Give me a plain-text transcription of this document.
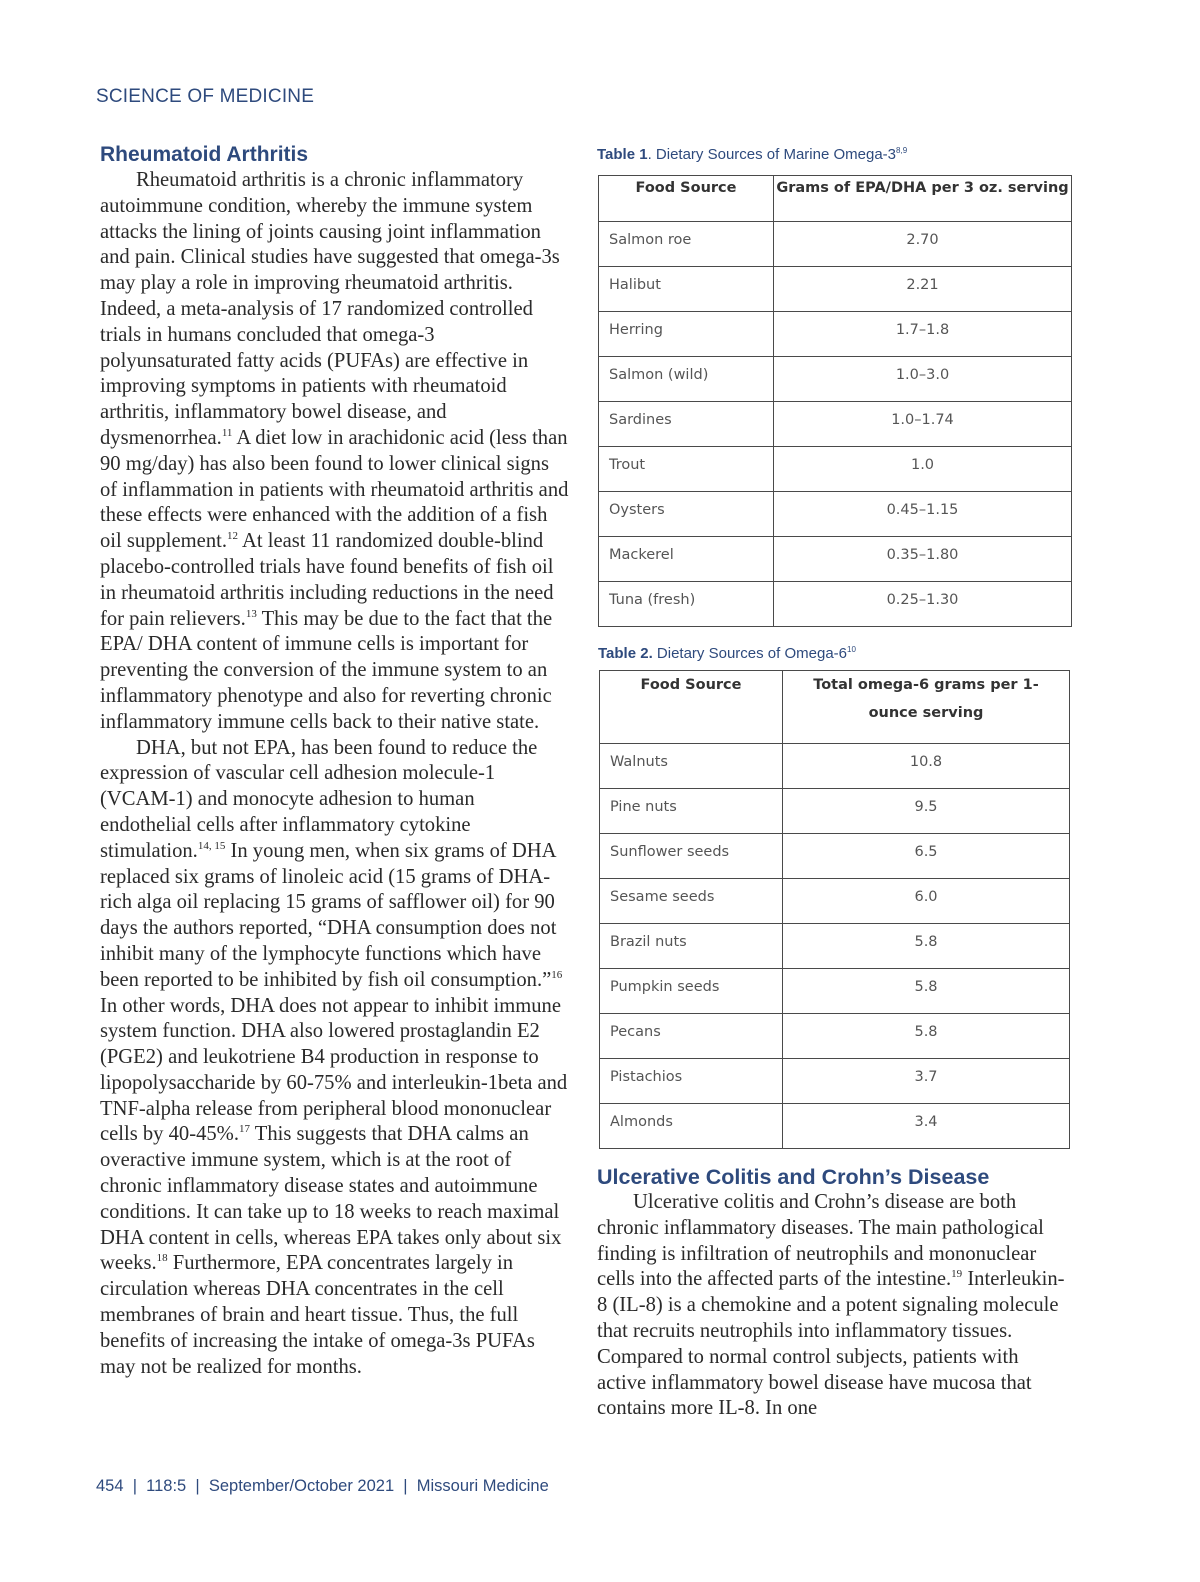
SCIENCE OF MEDICINE
Rheumatoid Arthritis

Rheumatoid arthritis is a chronic inflammatory autoimmune condition, whereby the immune system attacks the lining of joints causing joint inflammation and pain. Clinical studies have suggested that omega-3s may play a role in improving rheumatoid arthritis. Indeed, a meta-analysis of 17 randomized controlled trials in humans concluded that omega-3 polyunsaturated fatty acids (PUFAs) are effective in improving symptoms in patients with rheumatoid arthritis, inflammatory bowel disease, and dysmenorrhea.$^{11}$ A diet low in arachidonic acid (less than 90 mg/day) has also been found to lower clinical signs of inflammation in patients with rheumatoid arthritis and these effects were enhanced with the addition of a fish oil supplement.$^{12}$ At least 11 randomized double-blind placebo-controlled trials have found benefits of fish oil in rheumatoid arthritis including reductions in the need for pain relievers.$^{13}$ This may be due to the fact that the EPA/ DHA content of immune cells is important for preventing the conversion of the immune system to an inflammatory phenotype and also for reverting chronic inflammatory immune cells back to their native state.

DHA, but not EPA, has been found to reduce the expression of vascular cell adhesion molecule-1 (VCAM-1) and monocyte adhesion to human endothelial cells after inflammatory cytokine stimulation.$^{14, 15}$ In young men, when six grams of DHA replaced six grams of linoleic acid (15 grams of DHA-rich alga oil replacing 15 grams of safflower oil) for 90 days the authors reported, “DHA consumption does not inhibit many of the lymphocyte functions which have been reported to be inhibited by fish oil consumption.”$^{16}$ In other words, DHA does not appear to inhibit immune system function. DHA also lowered prostaglandin E2 (PGE2) and leukotriene B4 production in response to lipopolysaccharide by 60-75% and interleukin-1beta and TNF-alpha release from peripheral blood mononuclear cells by 40-45%.$^{17}$ This suggests that DHA calms an overactive immune system, which is at the root of chronic inflammatory disease states and autoimmune conditions. It can take up to 18 weeks to reach maximal DHA content in cells, whereas EPA takes only about six weeks.$^{18}$ Furthermore, EPA concentrates largely in circulation whereas DHA concentrates in the cell membranes of brain and heart tissue. Thus, the full benefits of increasing the intake of omega-3s PUFAs may not be realized for months.

Table 1. Dietary Sources of Marine Omega-3$^{8,9}$
Food Source	Grams of EPA/DHA per 3 oz. serving
Salmon roe	2.70
Halibut	2.21
Herring	1.7–1.8
Salmon (wild)	1.0–3.0
Sardines	1.0–1.74
Trout	1.0
Oysters	0.45–1.15
Mackerel	0.35–1.80
Tuna (fresh)	0.25–1.30
Table 2. Dietary Sources of Omega-$6^{10}$
Food Source	Total omega-6 grams per 1-ounce serving
Walnuts	10.8
Pine nuts	9.5
Sunflower seeds	6.5
Sesame seeds	6.0
Brazil nuts	5.8
Pumpkin seeds	5.8
Pecans	5.8
Pistachios	3.7
Almonds	3.4
Ulcerative Colitis and Crohn’s Disease

Ulcerative colitis and Crohn’s disease are both chronic inflammatory diseases. The main pathological finding is infiltration of neutrophils and mononuclear cells into the affected parts of the intestine.$^{19}$ Interleukin-8 (IL-8) is a chemokine and a potent signaling molecule that recruits neutrophils into inflammatory tissues. Compared to normal control subjects, patients with active inflammatory bowel disease have mucosa that contains more IL-8. In one

454  |  118:5  |  September/October 2021  |  Missouri Medicine
